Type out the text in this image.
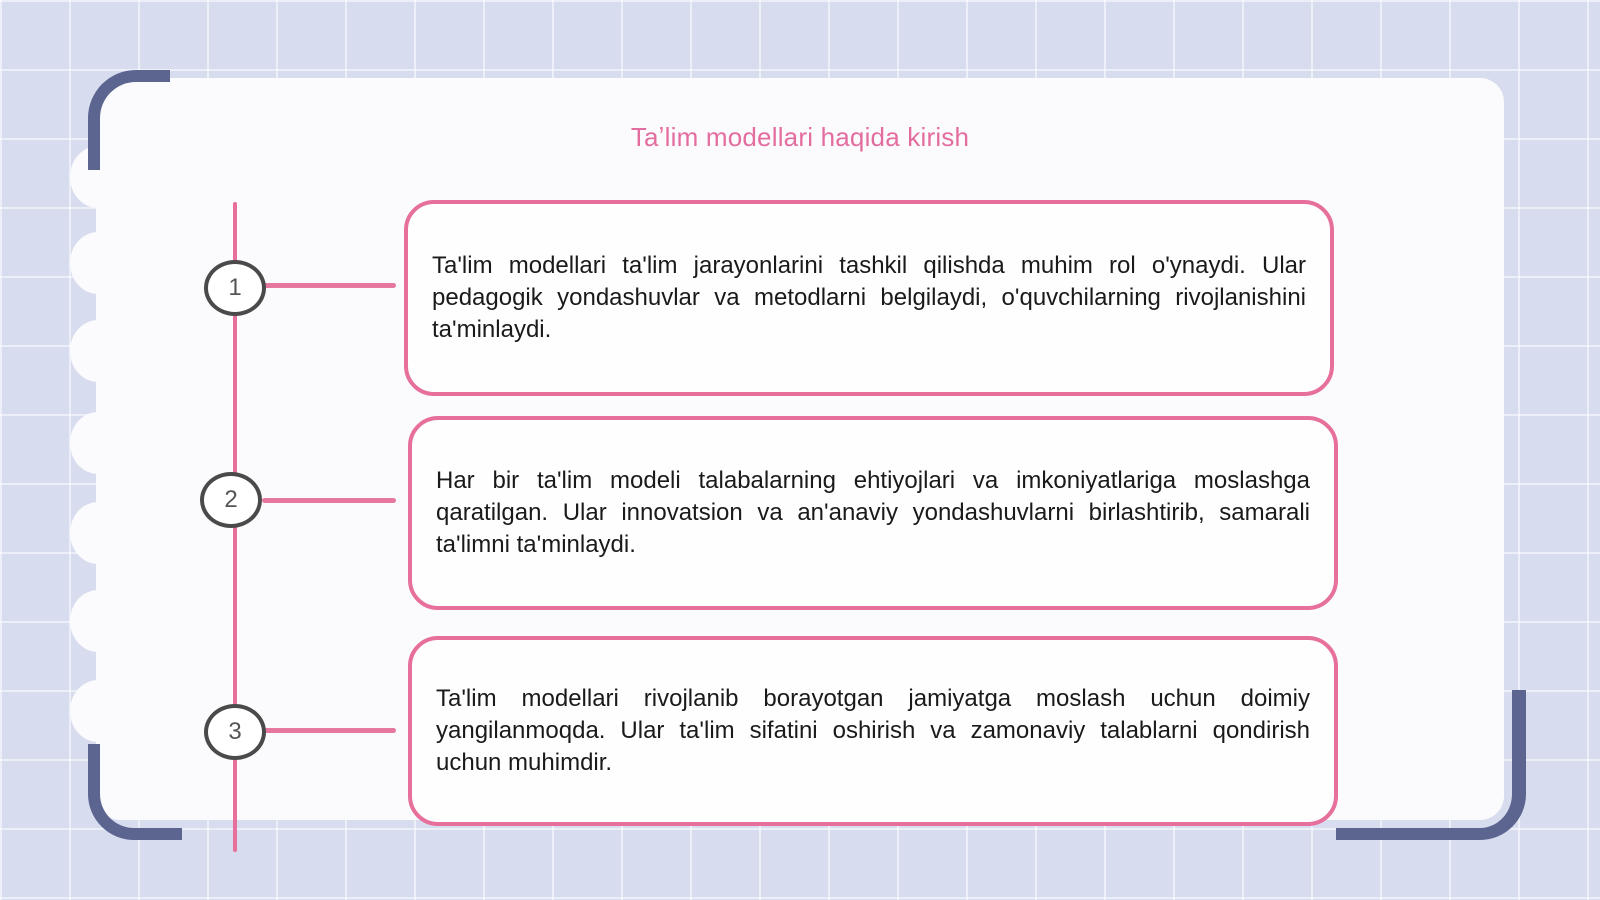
Taʼlim modellari haqida kirish
1

Ta'lim modellari ta'lim jarayonlarini tashkil qilishda muhim rol o'ynaydi. Ular pedagogik yondashuvlar va metodlarni belgilaydi, o'quvchilarning rivojlanishini ta'minlaydi.

2

Har bir ta'lim modeli talabalarning ehtiyojlari va imkoniyatlariga moslashga qaratilgan. Ular innovatsion va an'anaviy yondashuvlarni birlashtirib, samarali ta'limni ta'minlaydi.

3

Ta'lim modellari rivojlanib borayotgan jamiyatga moslash uchun doimiy yangilanmoqda. Ular ta'lim sifatini oshirish va zamonaviy talablarni qondirish uchun muhimdir.
